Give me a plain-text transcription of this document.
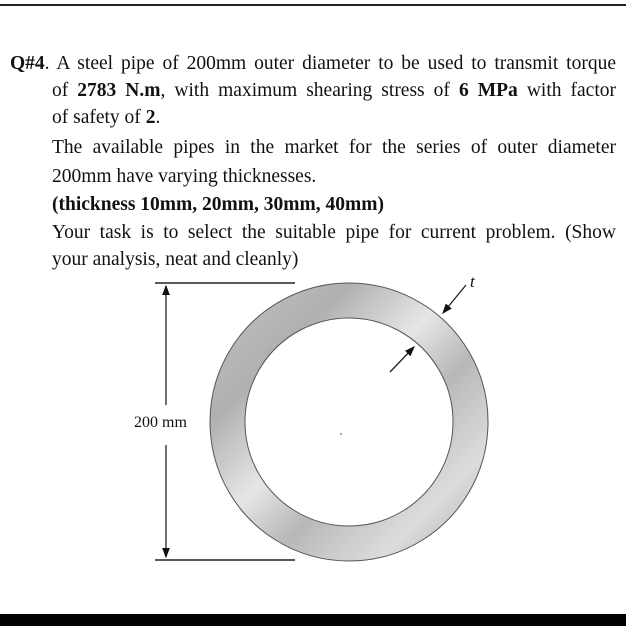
Q#4. A steel pipe of 200mm outer diameter to be used to transmit torque
of 2783 N.m, with maximum shearing stress of 6 MPa with factor
of safety of 2.
The available pipes in the market for the series of outer diameter
200mm have varying thicknesses.
(thickness 10mm, 20mm, 30mm, 40mm)
Your task is to select the suitable pipe for current problem. (Show
your analysis, neat and cleanly)
200 mm
t
